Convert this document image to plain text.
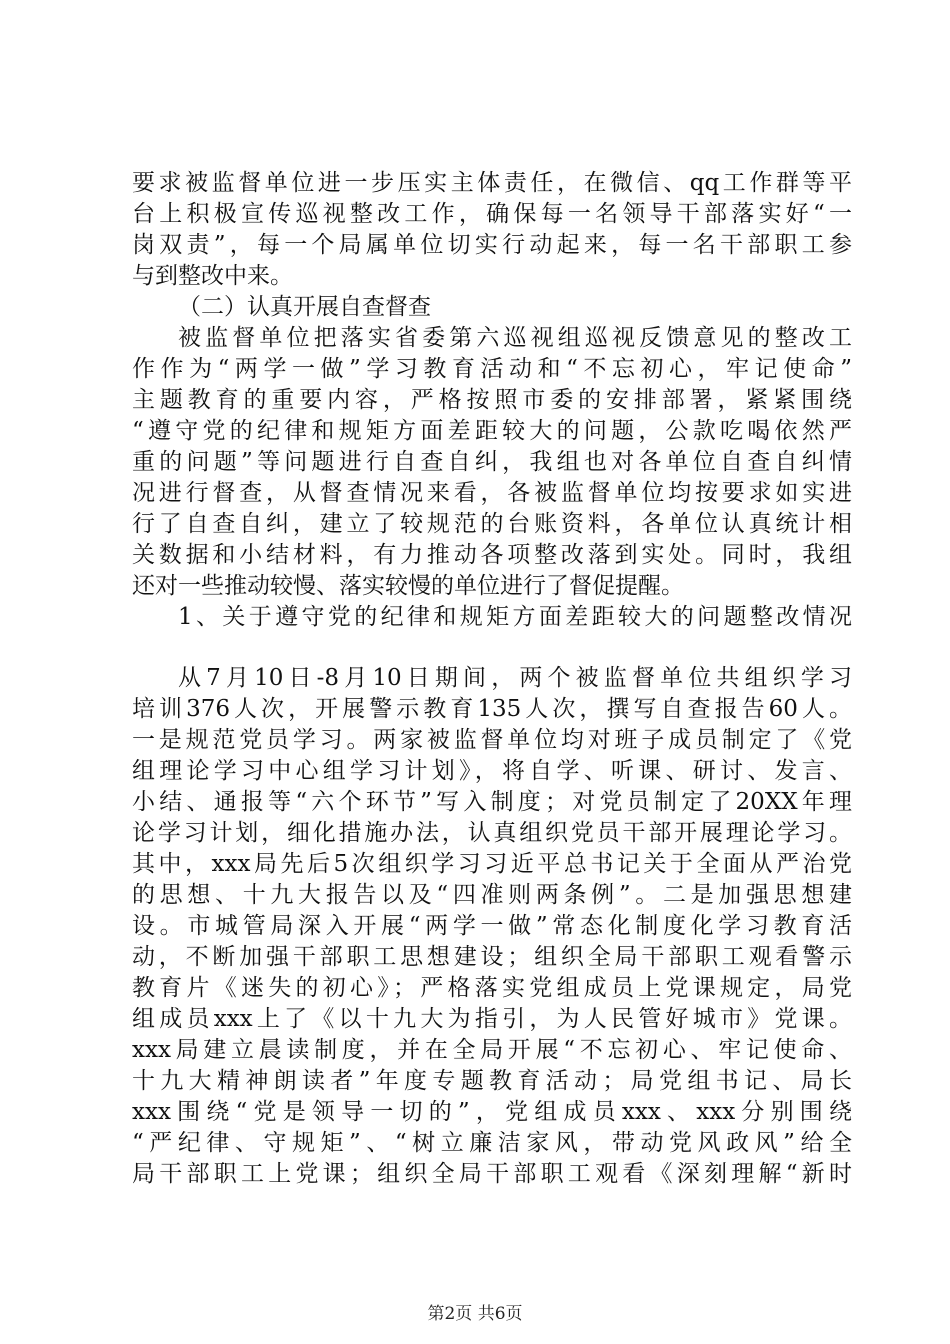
要求被监督单位进一步压实主体责任，在微信、qq工作群等平
台上积极宣传巡视整改工作，确保每一名领导干部落实好“一
岗双责”，每一个局属单位切实行动起来，每一名干部职工参
与到整改中来。
（二）认真开展自查督查
被监督单位把落实省委第六巡视组巡视反馈意见的整改工
作作为“两学一做”学习教育活动和“不忘初心，牢记使命”
主题教育的重要内容，严格按照市委的安排部署，紧紧围绕
“遵守党的纪律和规矩方面差距较大的问题，公款吃喝依然严
重的问题”等问题进行自查自纠，我组也对各单位自查自纠情
况进行督查，从督查情况来看，各被监督单位均按要求如实进
行了自查自纠，建立了较规范的台账资料，各单位认真统计相
关数据和小结材料，有力推动各项整改落到实处。同时，我组
还对一些推动较慢、落实较慢的单位进行了督促提醒。
1、关于遵守党的纪律和规矩方面差距较大的问题整改情况
从7月10日-8月10日期间，两个被监督单位共组织学习
培训376人次，开展警示教育135人次，撰写自查报告60人。
一是规范党员学习。两家被监督单位均对班子成员制定了《党
组理论学习中心组学习计划》，将自学、听课、研讨、发言、
小结、通报等“六个环节”写入制度；对党员制定了20XX年理
论学习计划，细化措施办法，认真组织党员干部开展理论学习。
其中，xxx局先后5次组织学习习近平总书记关于全面从严治党
的思想、十九大报告以及“四准则两条例”。二是加强思想建
设。市城管局深入开展“两学一做”常态化制度化学习教育活
动，不断加强干部职工思想建设；组织全局干部职工观看警示
教育片《迷失的初心》；严格落实党组成员上党课规定，局党
组成员xxx上了《以十九大为指引，为人民管好城市》党课。
xxx局建立晨读制度，并在全局开展“不忘初心、牢记使命、
十九大精神朗读者”年度专题教育活动；局党组书记、局长
xxx围绕“党是领导一切的”，党组成员xxx、xxx分别围绕
“严纪律、守规矩”、“树立廉洁家风，带动党风政风”给全
局干部职工上党课；组织全局干部职工观看《深刻理解“新时
第2页 共6页
